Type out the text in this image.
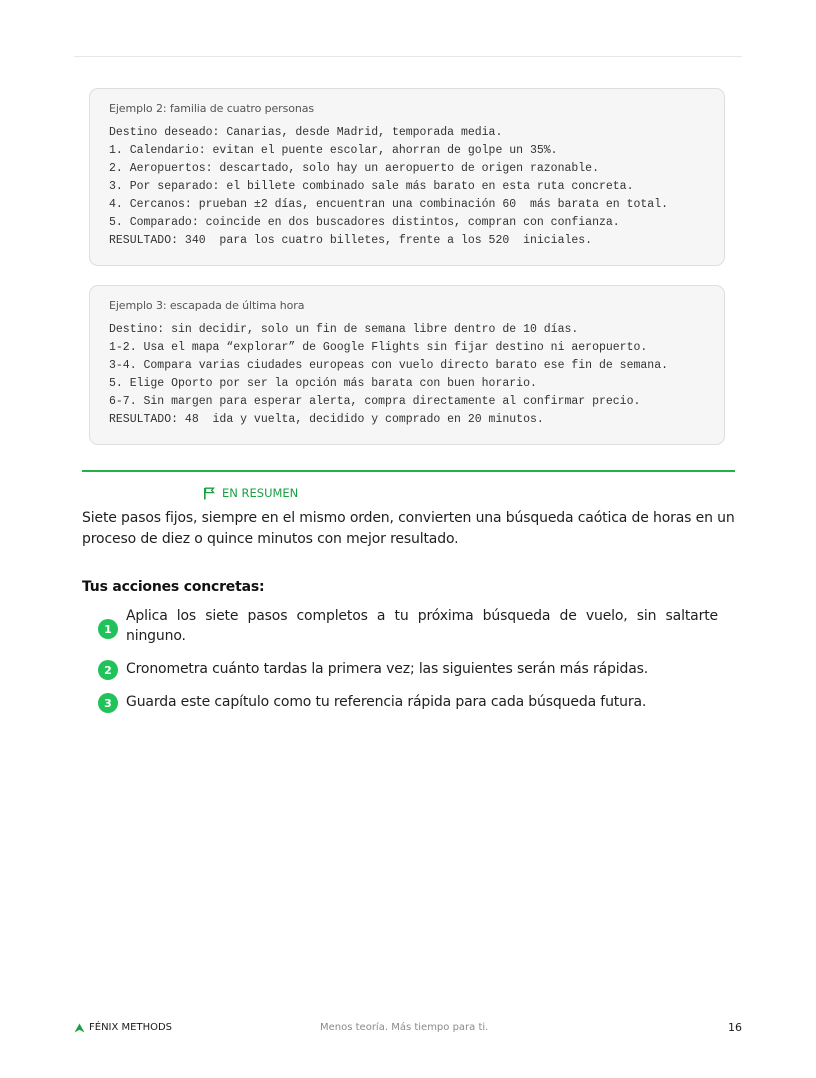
Ejemplo 2: familia de cuatro personas
Destino deseado: Canarias, desde Madrid, temporada media.
1. Calendario: evitan el puente escolar, ahorran de golpe un 35%.
2. Aeropuertos: descartado, solo hay un aeropuerto de origen razonable.
3. Por separado: el billete combinado sale más barato en esta ruta concreta.
4. Cercanos: prueban ±2 días, encuentran una combinación 60  más barata en total.
5. Comparado: coincide en dos buscadores distintos, compran con confianza.
RESULTADO: 340  para los cuatro billetes, frente a los 520  iniciales.
Ejemplo 3: escapada de última hora
Destino: sin decidir, solo un fin de semana libre dentro de 10 días.
1-2. Usa el mapa “explorar” de Google Flights sin fijar destino ni aeropuerto.
3-4. Compara varias ciudades europeas con vuelo directo barato ese fin de semana.
5. Elige Oporto por ser la opción más barata con buen horario.
6-7. Sin margen para esperar alerta, compra directamente al confirmar precio.
RESULTADO: 48  ida y vuelta, decidido y comprado en 20 minutos.
EN RESUMEN
Siete pasos fijos, siempre en el mismo orden, convierten una búsqueda caótica de horas en un proceso de diez o quince minutos con mejor resultado.
Tus acciones concretas:
1
Aplica los siete pasos completos a tu próxima búsqueda de vuelo, sin saltarte ninguno.
2	Cronometra cuánto tardas la primera vez; las siguientes serán más rápidas.
3	Guarda este capítulo como tu referencia rápida para cada búsqueda futura.
FÉNIX METHODS	Menos teoría. Más tiempo para ti.	16
